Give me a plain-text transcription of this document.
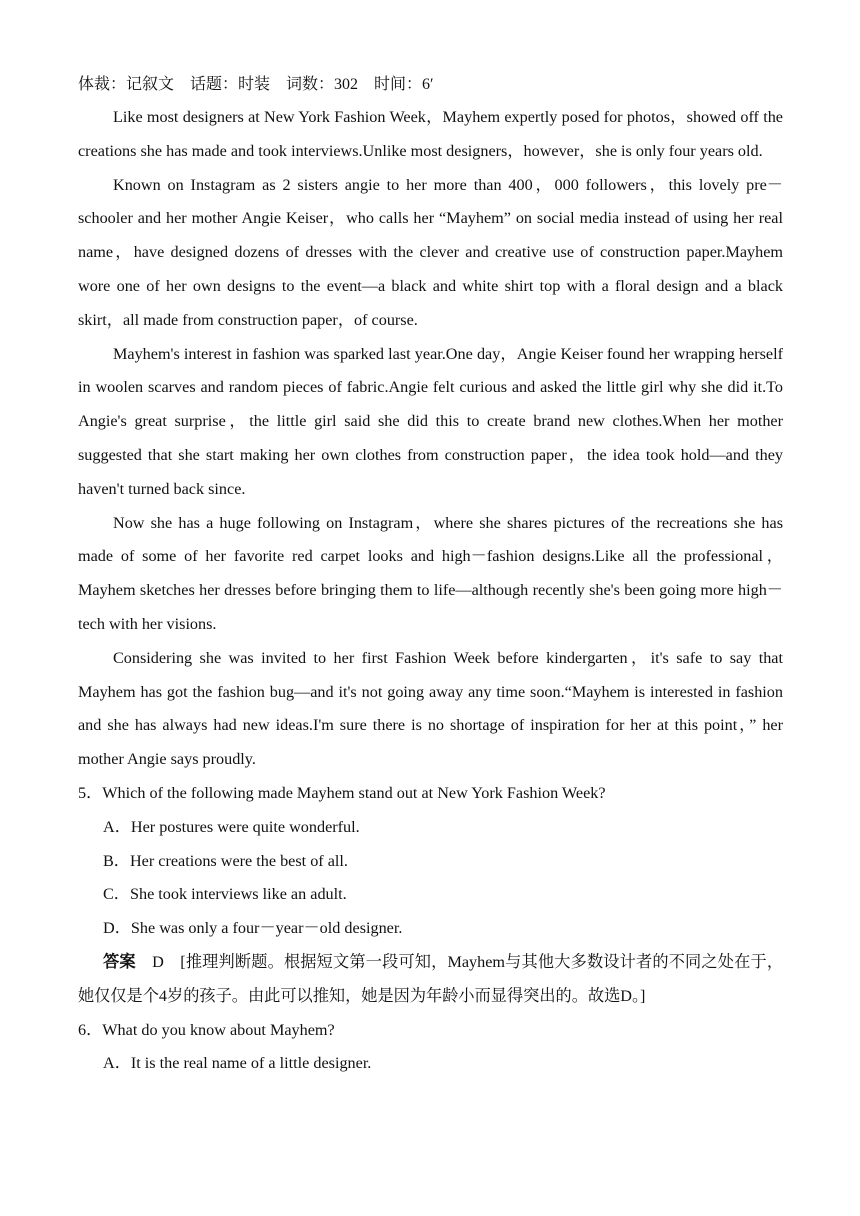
体裁：记叙文　话题：时装　词数：302　时间：6′

Like most designers at New York Fashion Week，Mayhem expertly posed for photos，showed off the creations she has made and took interviews.Unlike most designers，however，she is only four years old.

Known on Instagram as 2 sisters angie to her more than 400，000 followers，this lovely pre－schooler and her mother Angie Keiser，who calls her “Mayhem” on social media instead of using her real name，have designed dozens of dresses with the clever and creative use of construction paper.Mayhem wore one of her own designs to the event—a black and white shirt top with a floral design and a black skirt，all made from construction paper，of course.

Mayhem's interest in fashion was sparked last year.One day，Angie Keiser found her wrapping herself in woolen scarves and random pieces of fabric.Angie felt curious and asked the little girl why she did it.To Angie's great surprise，the little girl said she did this to create brand new clothes.When her mother suggested that she start making her own clothes from construction paper，the idea took hold—and they haven't turned back since.

Now she has a huge following on Instagram，where she shares pictures of the recreations she has made of some of her favorite red carpet looks and high－fashion designs.Like all the professional，Mayhem sketches her dresses before bringing them to life—although recently she's been going more high－tech with her visions.

Considering she was invited to her first Fashion Week before kindergarten，it's safe to say that Mayhem has got the fashion bug—and it's not going away any time soon.“Mayhem is interested in fashion and she has always had new ideas.I'm sure there is no shortage of inspiration for her at this point，” her mother Angie says proudly.

5．Which of the following made Mayhem stand out at New York Fashion Week?

A．Her postures were quite wonderful.

B．Her creations were the best of all.

C．She took interviews like an adult.

D．She was only a four－year－old designer.

答案　D　[推理判断题。根据短文第一段可知，Mayhem与其他大多数设计者的不同之处在于，她仅仅是个4岁的孩子。由此可以推知，她是因为年龄小而显得突出的。故选D。]

6．What do you know about Mayhem?

A．It is the real name of a little designer.
